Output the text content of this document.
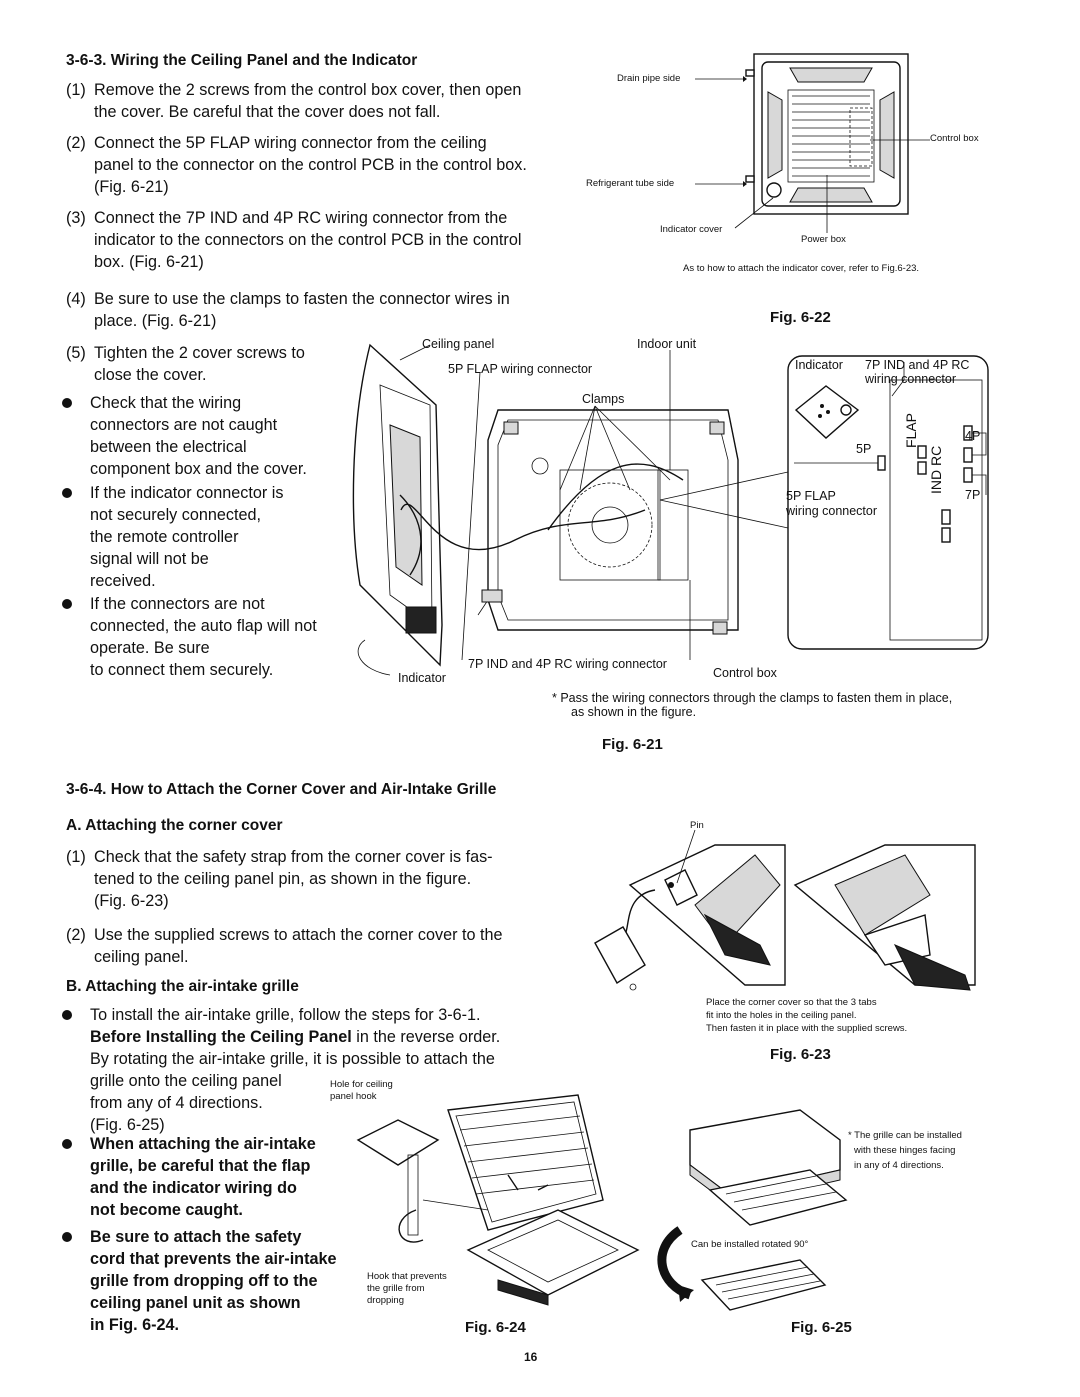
3-6-3. Wiring the Ceiling Panel and the Indicator
(1) Remove the 2 screws from the control box cover, then open
the cover. Be careful that the cover does not fall.
(2) Connect the 5P FLAP wiring connector from the ceiling
panel to the connector on the control PCB in the control box.
(Fig. 6-21)
(3) Connect the 7P IND and 4P RC wiring connector from the
indicator to the connectors on the control PCB in the control
box. (Fig. 6-21)
(4) Be sure to use the clamps to fasten the connector wires in
place. (Fig. 6-21)
(5) Tighten the 2 cover screws to
close the cover.
Check that the wiring
connectors are not caught
between the electrical
component box and the cover.
If the indicator connector is
not securely connected,
the remote controller
signal will not be
received.
If the connectors are not
connected, the auto flap will not
operate. Be sure
to connect them securely.
Drain pipe side
Refrigerant tube side
Control box
Indicator cover
Power box
As to how to attach the indicator cover, refer to Fig.6-23.
Fig. 6-22
Ceiling panel	Indoor unit
5P FLAP wiring connector
Clamps
7P IND and 4P RC wiring connector
Indicator	Control box
Indicator 7P IND and 4P RC
wiring connector
5P
4P
7P
FLAP
IND RC
5P FLAP
wiring connector
* Pass the wiring connectors through the clamps to fasten them in place,
as shown in the figure.
Fig. 6-21
3-6-4. How to Attach the Corner Cover and Air-Intake Grille
A. Attaching the corner cover
(1) Check that the safety strap from the corner cover is fas-
tened to the ceiling panel pin, as shown in the figure.
(Fig. 6-23)
(2) Use the supplied screws to attach the corner cover to the
ceiling panel.
B. Attaching the air-intake grille
To install the air-intake grille, follow the steps for 3-6-1.
Before Installing the Ceiling Panel in the reverse order.
By rotating the air-intake grille, it is possible to attach the
grille onto the ceiling panel
from any of 4 directions.
(Fig. 6-25)
When attaching the air-intake
grille, be careful that the flap
and the indicator wiring do
not become caught.
Be sure to attach the safety
cord that prevents the air-intake
grille from dropping off to the
ceiling panel unit as shown
in Fig. 6-24.
Pin
Place the corner cover so that the 3 tabs
fit into the holes in the ceiling panel.
Then fasten it in place with the supplied screws.
Fig. 6-23
Hole for ceiling
panel hook
Hook that prevents
the grille from
dropping
Fig. 6-24
* The grille can be installed
with these hinges facing
in any of 4 directions.
Can be installed rotated 90°
Fig. 6-25
16
